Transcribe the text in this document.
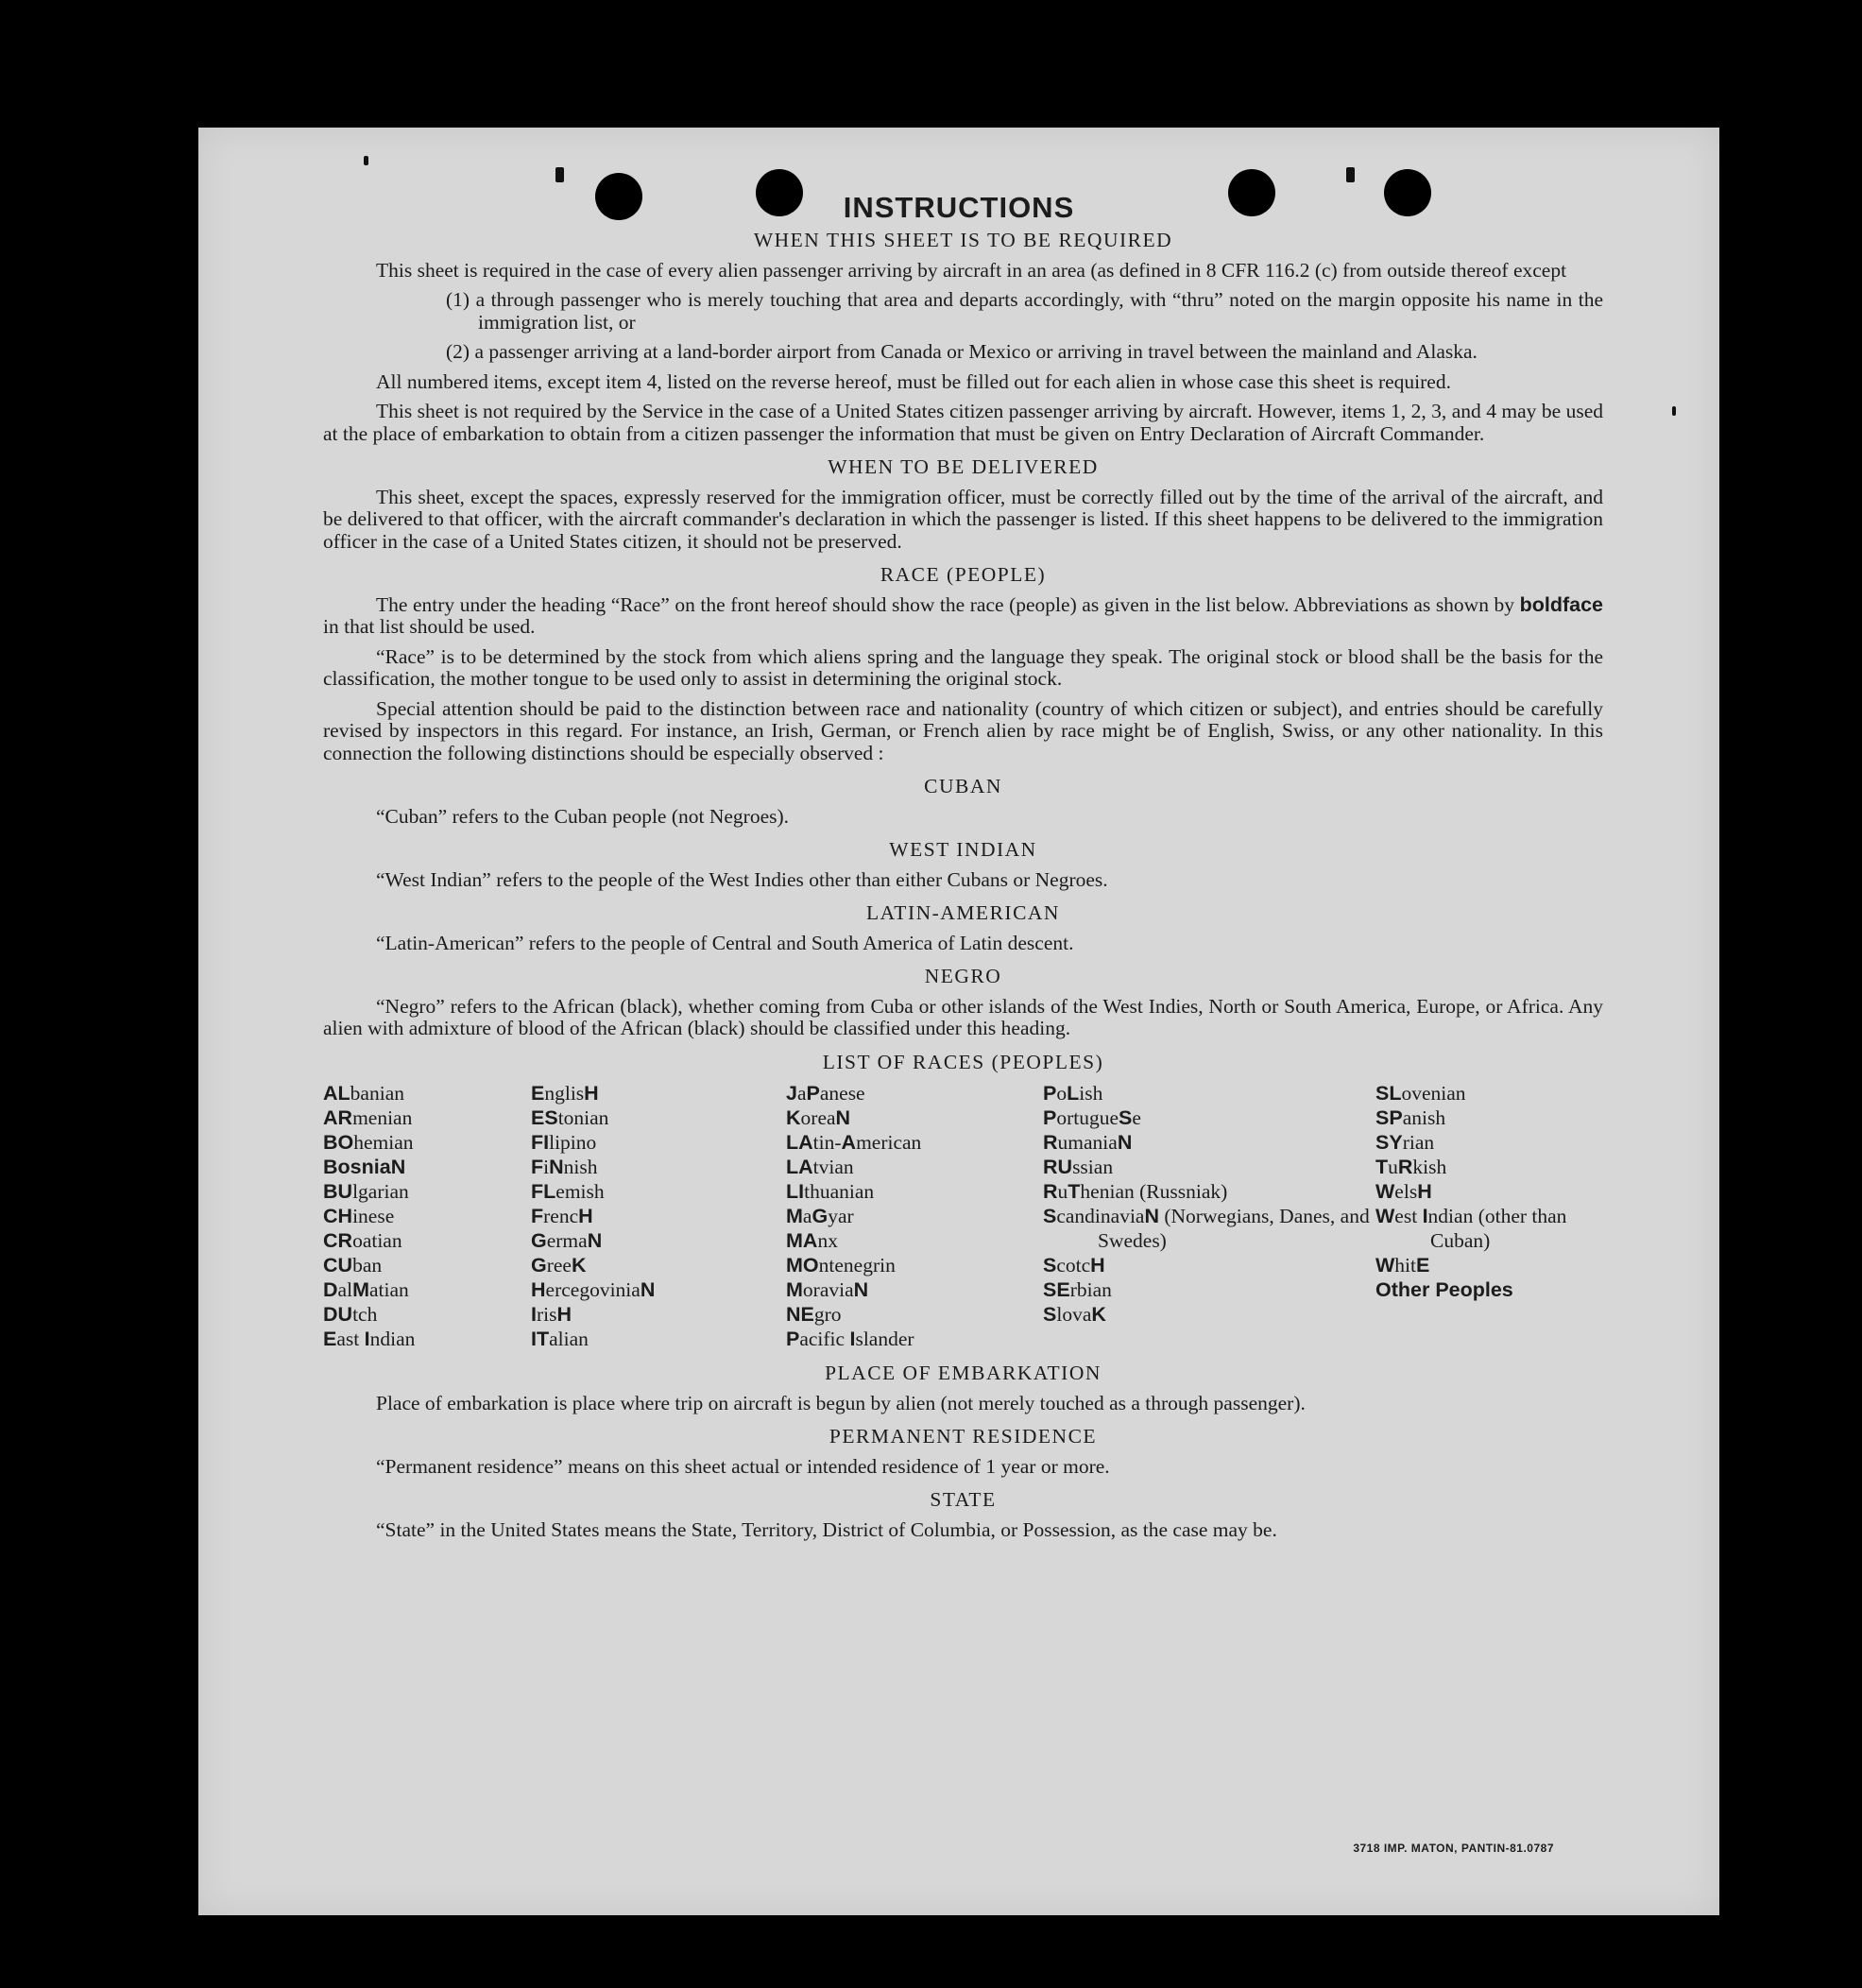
INSTRUCTIONS
WHEN THIS SHEET IS TO BE REQUIRED

This sheet is required in the case of every alien passenger arriving by aircraft in an area (as defined in 8 CFR 116.2 (c) from outside thereof except

(1) a through passenger who is merely touching that area and departs accordingly, with “thru” noted on the margin opposite his name in the immigration list, or

(2) a passenger arriving at a land-border airport from Canada or Mexico or arriving in travel between the mainland and Alaska.

All numbered items, except item 4, listed on the reverse hereof, must be filled out for each alien in whose case this sheet is required.

This sheet is not required by the Service in the case of a United States citizen passenger arriving by aircraft. However, items 1, 2, 3, and 4 may be used at the place of embarkation to obtain from a citizen passenger the information that must be given on Entry Declaration of Aircraft Commander.

WHEN TO BE DELIVERED

This sheet, except the spaces, expressly reserved for the immigration officer, must be correctly filled out by the time of the arrival of the aircraft, and be delivered to that officer, with the aircraft commander's declaration in which the passenger is listed. If this sheet happens to be delivered to the immigration officer in the case of a United States citizen, it should not be preserved.

RACE (PEOPLE)

The entry under the heading “Race” on the front hereof should show the race (people) as given in the list below. Abbreviations as shown by boldface in that list should be used.

“Race” is to be determined by the stock from which aliens spring and the language they speak. The original stock or blood shall be the basis for the classification, the mother tongue to be used only to assist in determining the original stock.

Special attention should be paid to the distinction between race and nationality (country of which citizen or subject), and entries should be carefully revised by inspectors in this regard. For instance, an Irish, German, or French alien by race might be of English, Swiss, or any other nationality. In this connection the following distinctions should be especially observed :

CUBAN

“Cuban” refers to the Cuban people (not Negroes).

WEST INDIAN

“West Indian” refers to the people of the West Indies other than either Cubans or Negroes.

LATIN-AMERICAN

“Latin-American” refers to the people of Central and South America of Latin descent.

NEGRO

“Negro” refers to the African (black), whether coming from Cuba or other islands of the West Indies, North or South America, Europe, or Africa. Any alien with admixture of blood of the African (black) should be classified under this heading.

LIST OF RACES (PEOPLES)
ALbanian
ARmenian
BOhemian
BosniaN
BUlgarian
CHinese
CRoatian
CUban
DalMatian
DUtch
East Indian
EnglisH
EStonian
FIlipino
FiNnish
FLemish
FrencH
GermaN
GreeK
HercegoviniaN
IrisH
ITalian
JaPanese
KoreaN
LAtin-American
LAtvian
LIthuanian
MaGyar
MAnx
MOntenegrin
MoraviaN
NEgro
Pacific Islander
PoLish
PortugueSe
RumaniaN
RUssian
RuThenian (Russniak)
ScandinaviaN (Norwegians, Danes, and Swedes)
ScotcH
SErbian
SlovaK
SLovenian
SPanish
SYrian
TuRkish
WelsH
West Indian (other than Cuban)
WhitE
Other Peoples
PLACE OF EMBARKATION

Place of embarkation is place where trip on aircraft is begun by alien (not merely touched as a through passenger).

PERMANENT RESIDENCE

“Permanent residence” means on this sheet actual or intended residence of 1 year or more.

STATE

“State” in the United States means the State, Territory, District of Columbia, or Possession, as the case may be.

3718 IMP. MATON, PANTIN-81.0787
